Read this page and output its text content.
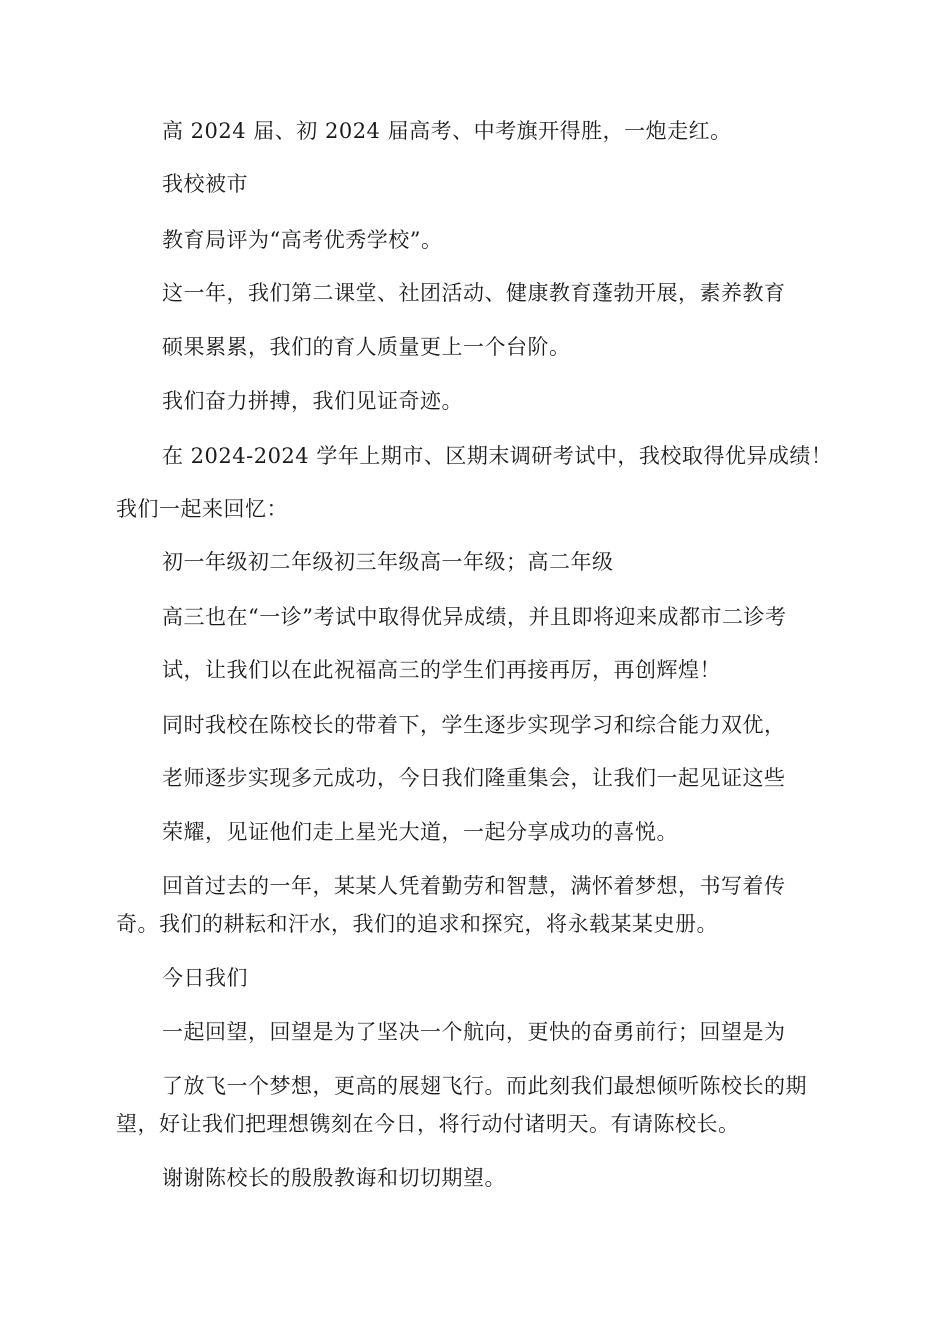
高 2024 届、初 2024 届高考、中考旗开得胜，一炮走红。
我校被市
教育局评为“高考优秀学校”。
这一年，我们第二课堂、社团活动、健康教育蓬勃开展，素养教育
硕果累累，我们的育人质量更上一个台阶。
我们奋力拼搏，我们见证奇迹。
在 2024-2024 学年上期市、区期末调研考试中，我校取得优异成绩！
我们一起来回忆：
初一年级初二年级初三年级高一年级；高二年级
高三也在“一诊”考试中取得优异成绩，并且即将迎来成都市二诊考
试，让我们以在此祝福高三的学生们再接再厉，再创辉煌！
同时我校在陈校长的带着下，学生逐步实现学习和综合能力双优，
老师逐步实现多元成功，今日我们隆重集会，让我们一起见证这些
荣耀，见证他们走上星光大道，一起分享成功的喜悦。
回首过去的一年，某某人凭着勤劳和智慧，满怀着梦想，书写着传
奇。我们的耕耘和汗水，我们的追求和探究，将永载某某史册。
今日我们
一起回望，回望是为了坚决一个航向，更快的奋勇前行；回望是为
了放飞一个梦想，更高的展翅飞行。而此刻我们最想倾听陈校长的期
望，好让我们把理想镌刻在今日，将行动付诸明天。有请陈校长。
谢谢陈校长的殷殷教诲和切切期望。
